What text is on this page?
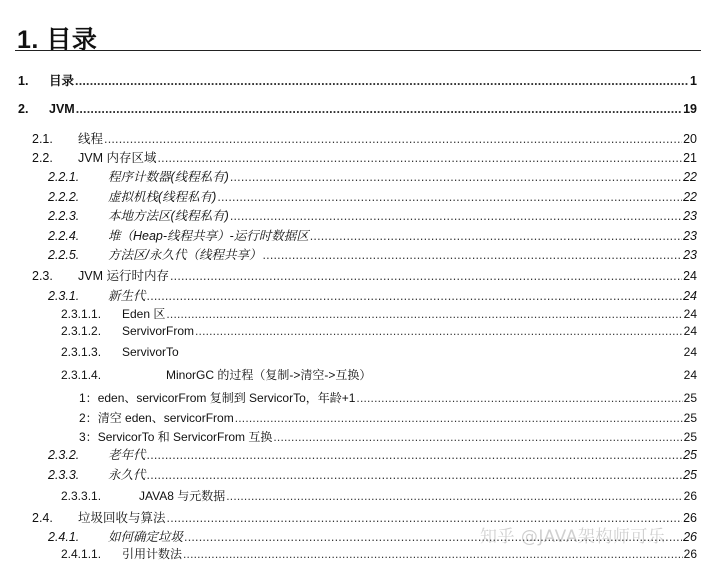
1. 目录
1.	目录 .....	1
2.	JVM .....	19
2.1.	线程 .....	20
2.2.	JVM 内存区域 .....	21
2.2.1.	程序计数器(线程私有) .....	22
2.2.2.	虚拟机栈(线程私有) .....	22
2.2.3.	本地方法区(线程私有) .....	23
2.2.4.	堆（Heap-线程共享）-运行时数据区 .....	23
2.2.5.	方法区/永久代（线程共享） .....	23
2.3.	JVM 运行时内存 .....	24
2.3.1.	新生代 .....	24
2.3.1.1.	Eden 区 .....	24
2.3.1.2.	ServivorFrom .....	24
2.3.1.3.	ServivorTo	24
2.3.1.4.	MinorGC 的过程（复制->清空->互换）	24
1： eden、servicorFrom 复制到 ServicorTo，年龄+1 .....	25
2： 清空 eden、servicorFrom .....	25
3： ServicorTo 和 ServicorFrom 互换 .....	25
2.3.2.	老年代 .....	25
2.3.3.	永久代 .....	25
2.3.3.1.	JAVA8 与元数据 .....	26
2.4.	垃圾回收与算法 .....	26
2.4.1.	如何确定垃圾 .....	26
2.4.1.1.	引用计数法 .....	26
知乎 @JAVA架构师可乐
